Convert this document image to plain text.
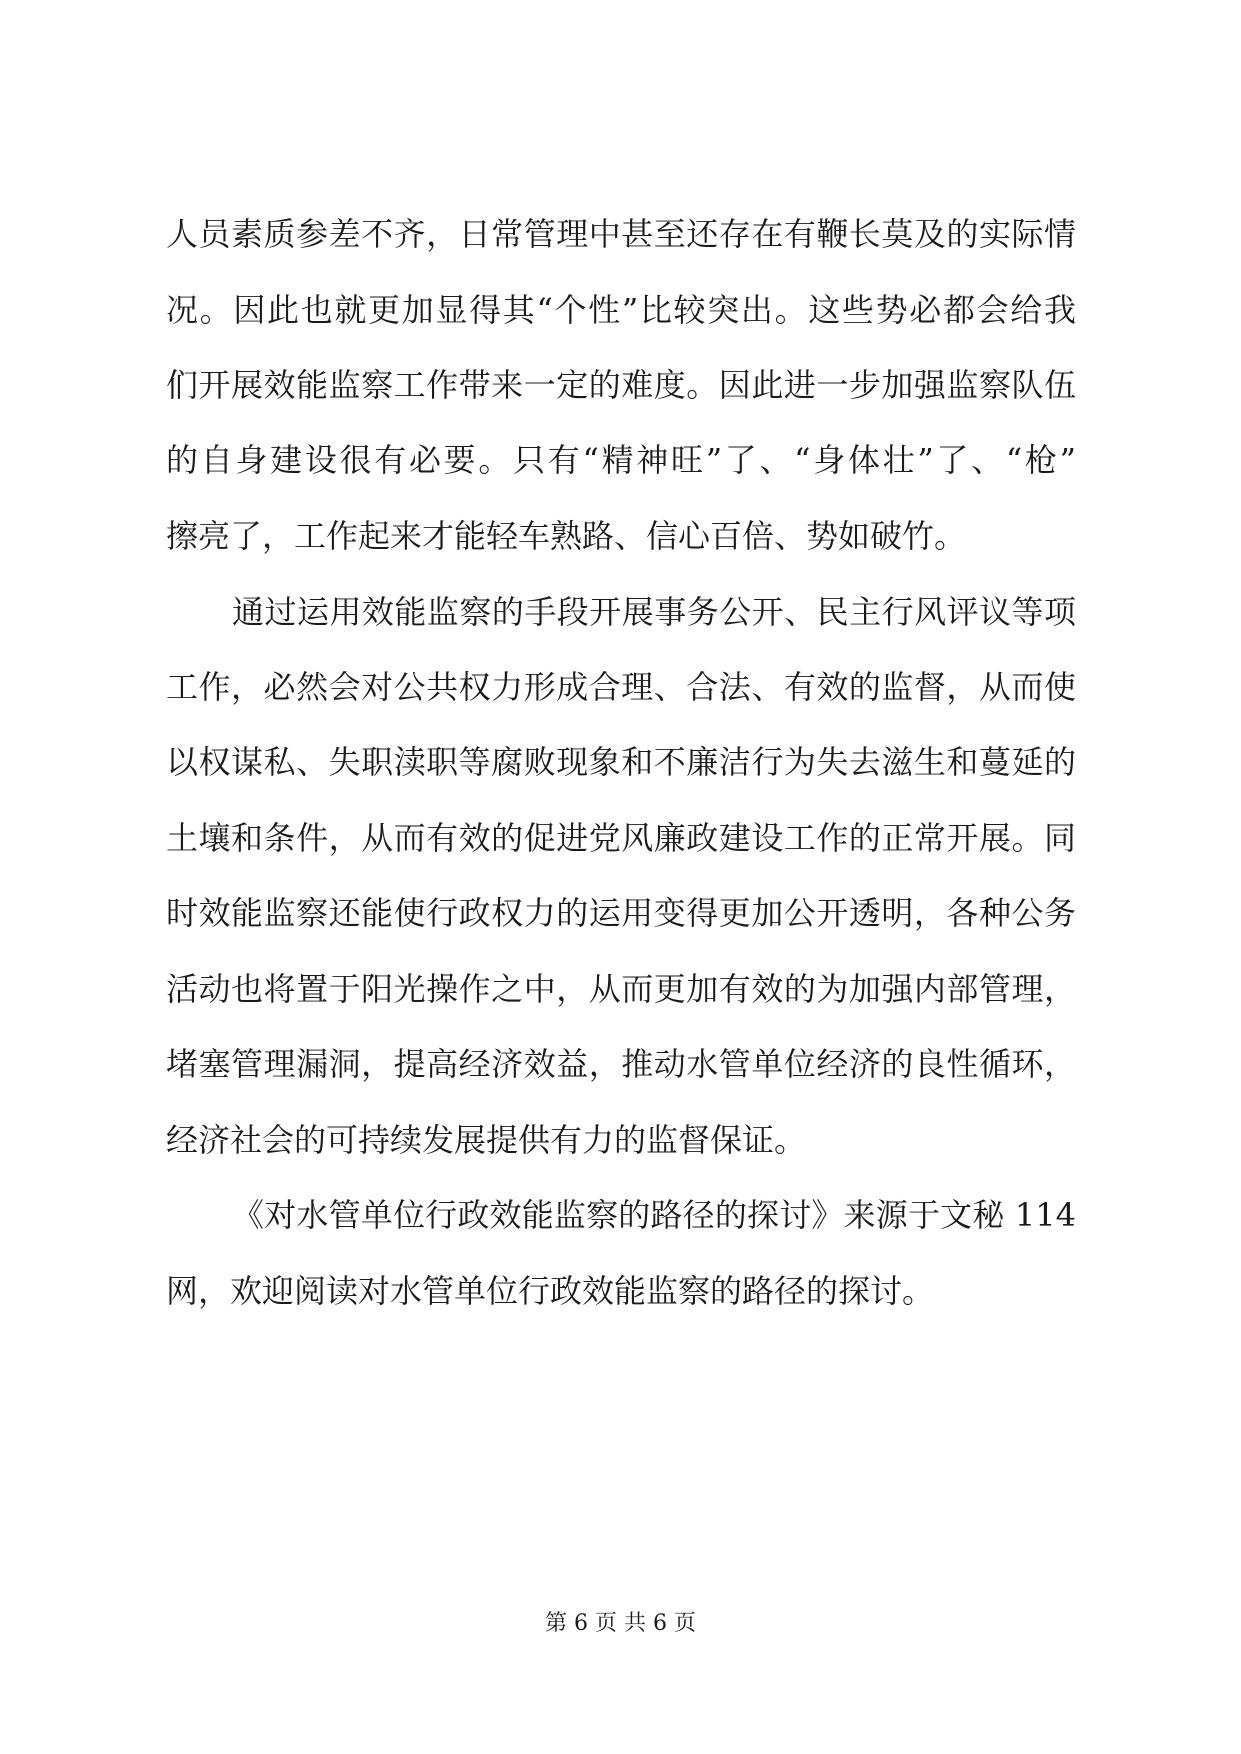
人员素质参差不齐，日常管理中甚至还存在有鞭长莫及的实际情
况。因此也就更加显得其“个性”比较突出。这些势必都会给我
们开展效能监察工作带来一定的难度。因此进一步加强监察队伍
的自身建设很有必要。只有“精神旺”了、“身体壮”了、“枪”
擦亮了，工作起来才能轻车熟路、信心百倍、势如破竹。
通过运用效能监察的手段开展事务公开、民主行风评议等项
工作，必然会对公共权力形成合理、合法、有效的监督，从而使
以权谋私、失职渎职等腐败现象和不廉洁行为失去滋生和蔓延的
土壤和条件，从而有效的促进党风廉政建设工作的正常开展。同
时效能监察还能使行政权力的运用变得更加公开透明，各种公务
活动也将置于阳光操作之中，从而更加有效的为加强内部管理，
堵塞管理漏洞，提高经济效益，推动水管单位经济的良性循环，
经济社会的可持续发展提供有力的监督保证。
《对水管单位行政效能监察的路径的探讨》来源于文秘 114
网，欢迎阅读对水管单位行政效能监察的路径的探讨。
第 6 页 共 6 页
